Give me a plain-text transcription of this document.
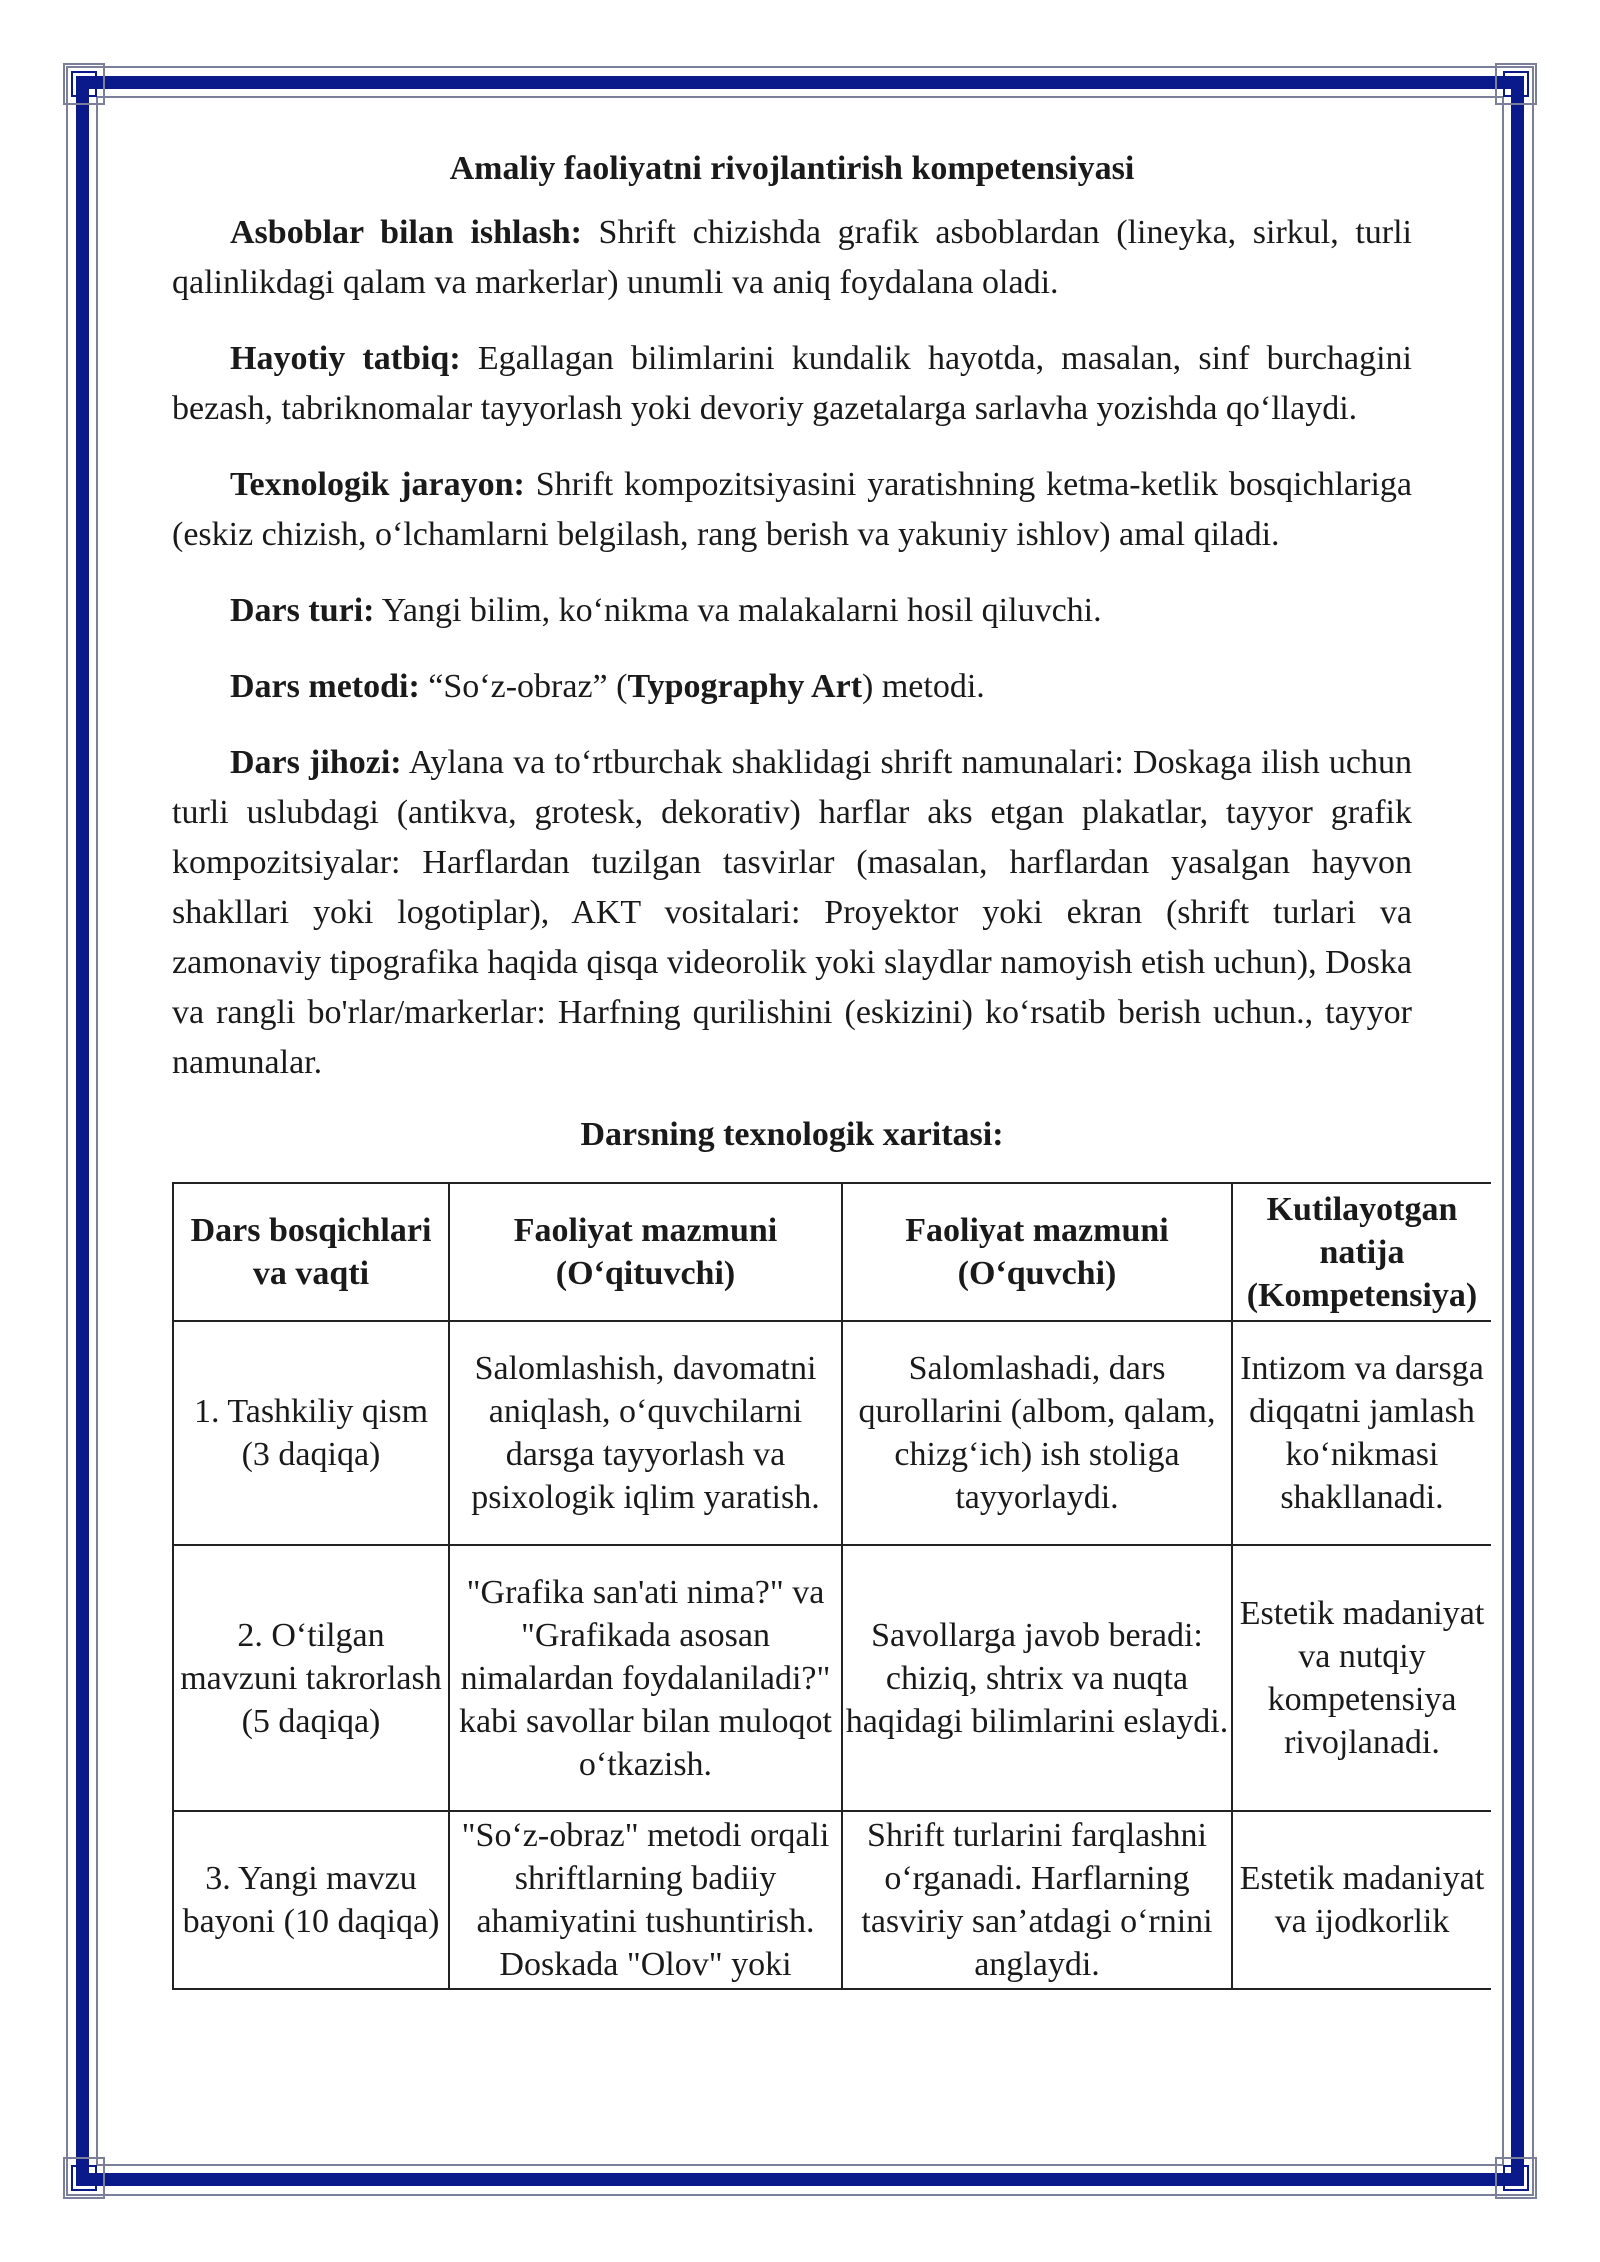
Amaliy faoliyatni rivojlantirish kompetensiyasi

Asboblar bilan ishlash: Shrift chizishda grafik asboblardan (lineyka, sirkul, turli qalinlikdagi qalam va markerlar) unumli va aniq foydalana oladi.

Hayotiy tatbiq: Egallagan bilimlarini kundalik hayotda, masalan, sinf burchagini bezash, tabriknomalar tayyorlash yoki devoriy gazetalarga sarlavha yozishda qo‘llaydi.

Texnologik jarayon: Shrift kompozitsiyasini yaratishning ketma-ketlik bosqichlariga (eskiz chizish, o‘lchamlarni belgilash, rang berish va yakuniy ishlov) amal qiladi.

Dars turi: Yangi bilim, ko‘nikma va malakalarni hosil qiluvchi.

Dars metodi: “So‘z-obraz” (Typography Art) metodi.

Dars jihozi: Aylana va to‘rtburchak shaklidagi shrift namunalari: Doskaga ilish uchun turli uslubdagi (antikva, grotesk, dekorativ) harflar aks etgan plakatlar, tayyor grafik kompozitsiyalar: Harflardan tuzilgan tasvirlar (masalan, harflardan yasalgan hayvon shakllari yoki logotiplar), AKT vositalari: Proyektor yoki ekran (shrift turlari va zamonaviy tipografika haqida qisqa videorolik yoki slaydlar namoyish etish uchun), Doska va rangli bo'rlar/markerlar: Harfning qurilishini (eskizini) ko‘rsatib berish uchun., tayyor namunalar.

Darsning texnologik xaritasi:
Dars bosqichlari va vaqti	Faoliyat mazmuni (O‘qituvchi)	Faoliyat mazmuni (O‘quvchi)	Kutilayotgan natija (Kompetensiya)
1. Tashkiliy qism (3 daqiqa)	Salomlashish, davomatni aniqlash, o‘quvchilarni darsga tayyorlash va psixologik iqlim yaratish.	Salomlashadi, dars qurollarini (albom, qalam, chizg‘ich) ish stoliga tayyorlaydi.	Intizom va darsga diqqatni jamlash ko‘nikmasi shakllanadi.
2. O‘tilgan mavzuni takrorlash (5 daqiqa)	"Grafika san'ati nima?" va "Grafikada asosan nimalardan foydalaniladi?" kabi savollar bilan muloqot o‘tkazish.	Savollarga javob beradi: chiziq, shtrix va nuqta haqidagi bilimlarini eslaydi.	Estetik madaniyat va nutqiy kompetensiya rivojlanadi.
3. Yangi mavzu bayoni (10 daqiqa)	"So‘z-obraz" metodi orqali shriftlarning badiiy ahamiyatini tushuntirish. Doskada "Olov" yoki	Shrift turlarini farqlashni o‘rganadi. Harflarning tasviriy san’atdagi o‘rnini anglaydi.	Estetik madaniyat va ijodkorlik
